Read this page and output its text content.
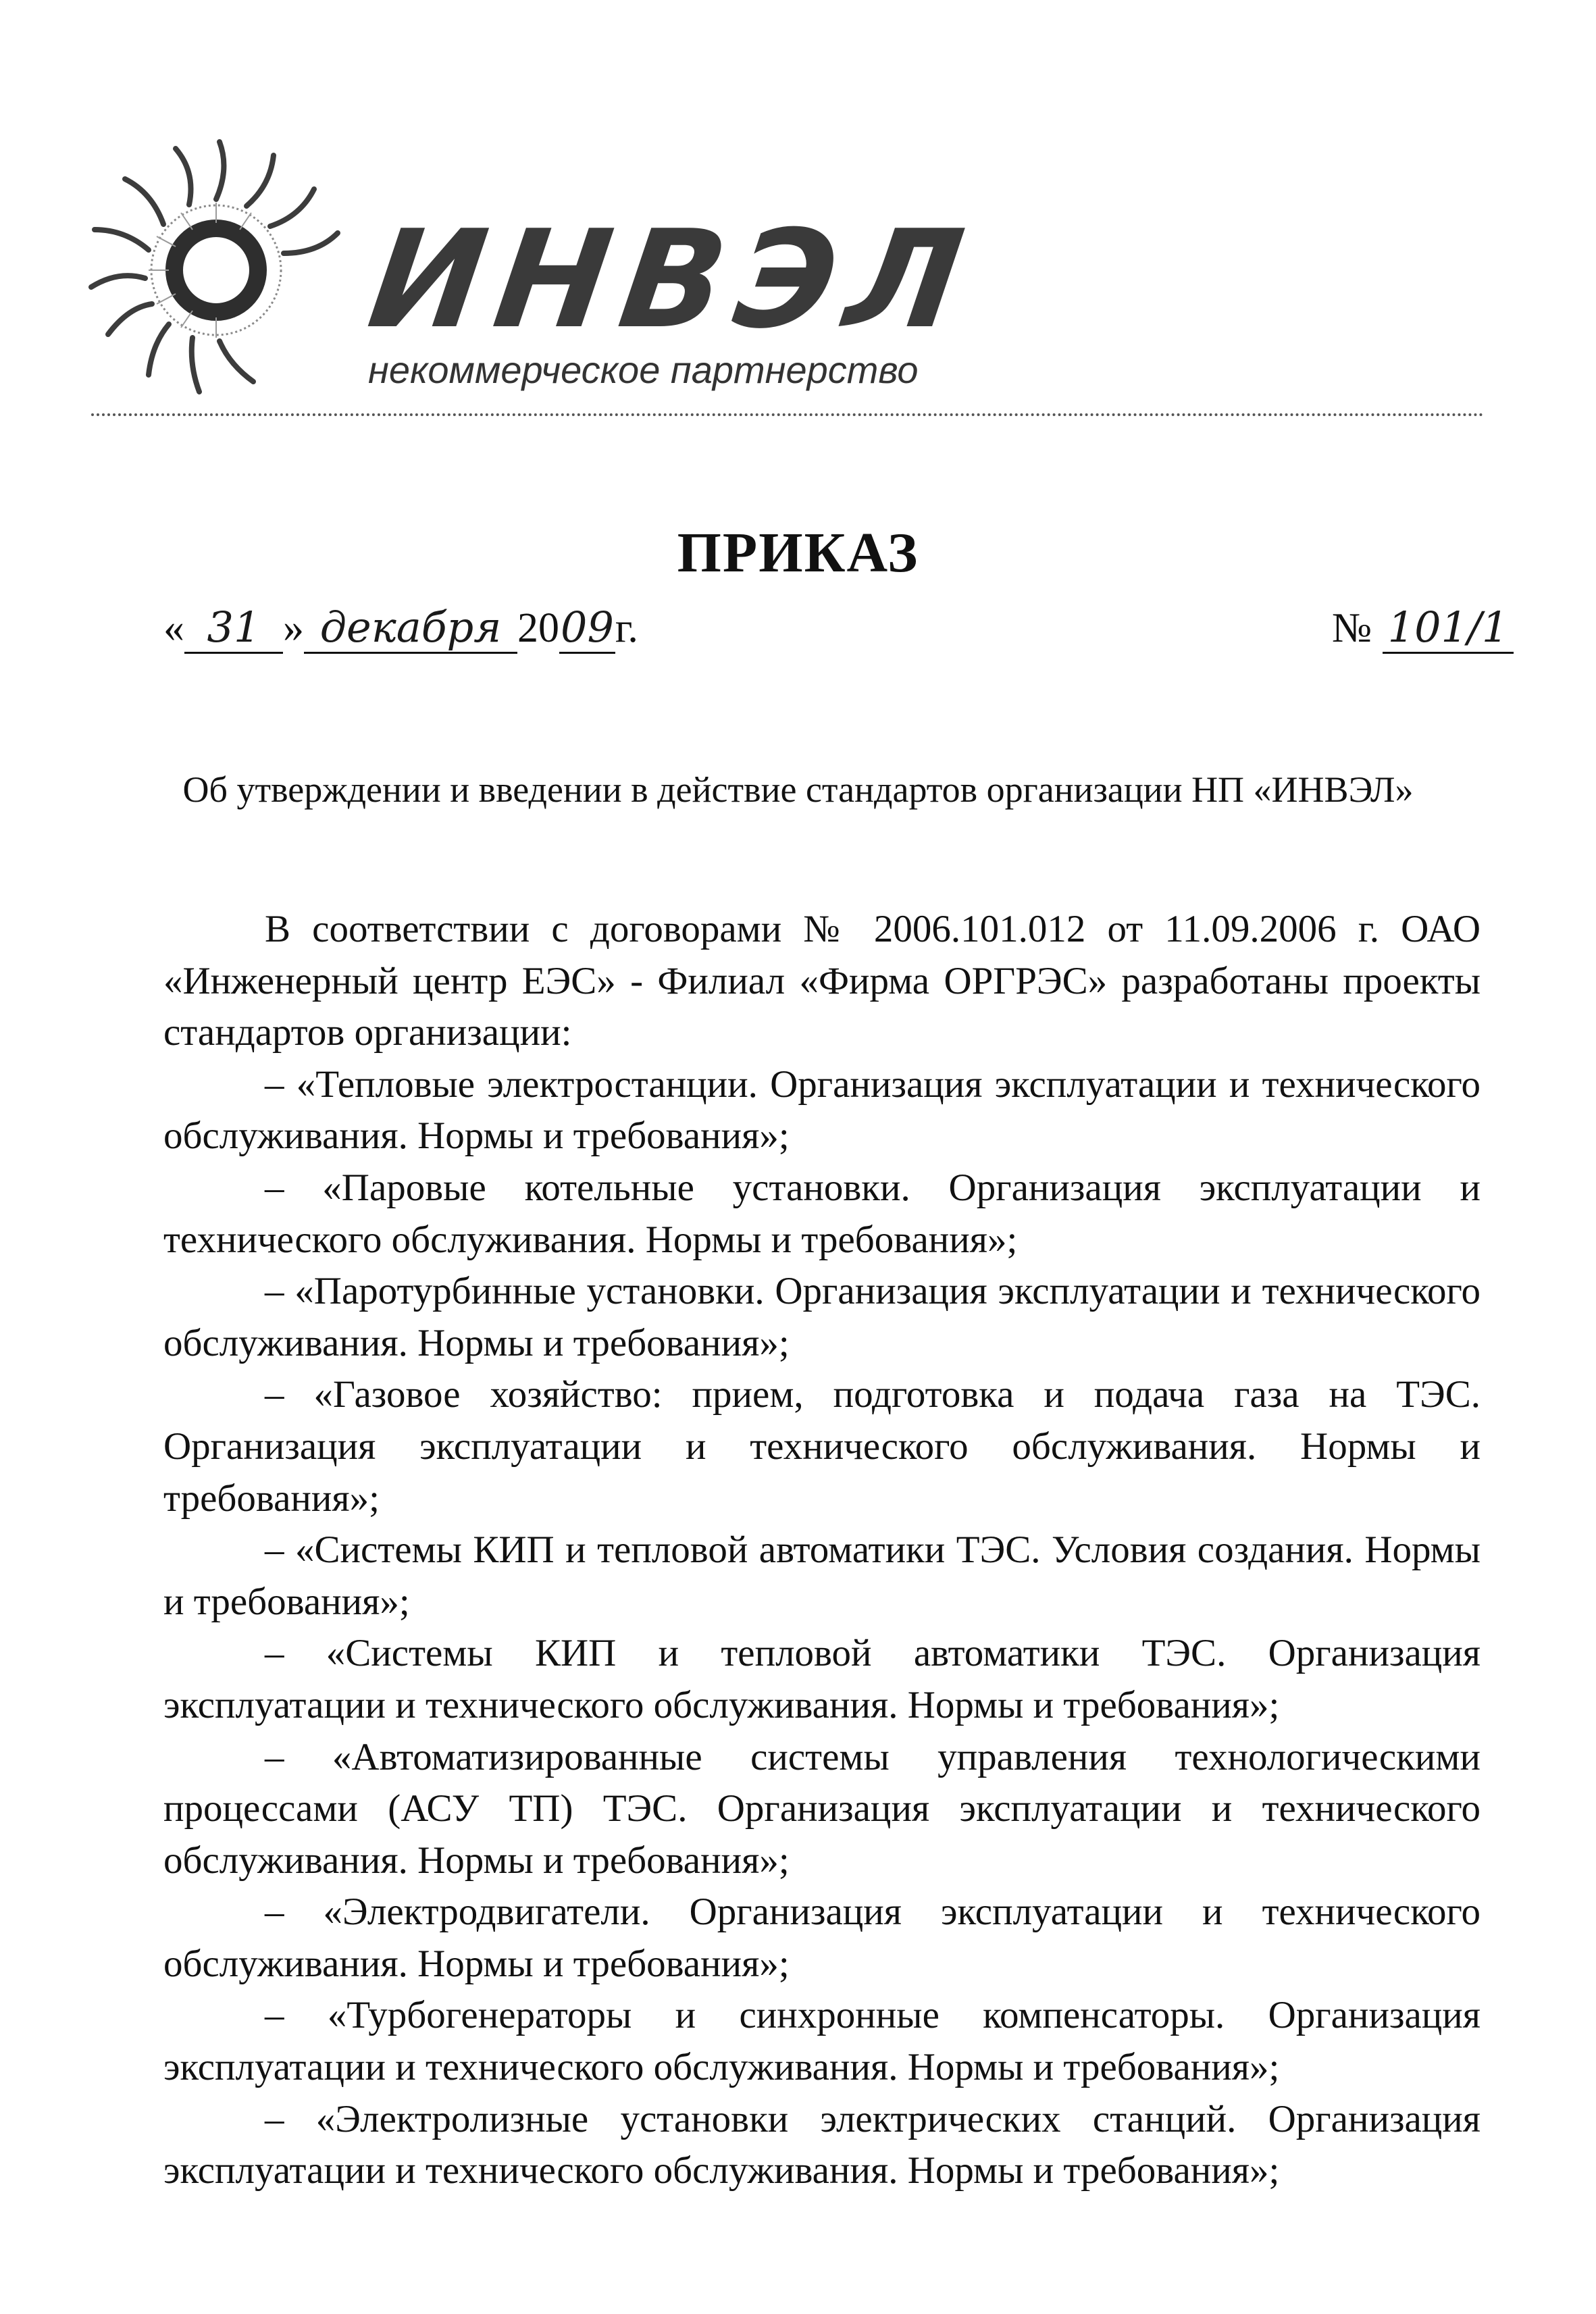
ИНВЭЛ
некоммерческое партнерство
ПРИКАЗ
« 31 » декабря 2009г.	№ 101/1
Об утверждении и введении в действие стандартов организации НП «ИНВЭЛ»

В соответствии с договорами № 2006.101.012 от 11.09.2006 г. ОАО «Инженерный центр ЕЭС» - Филиал «Фирма ОРГРЭС» разработаны проекты стандартов организации:

– «Тепловые электростанции. Организация эксплуатации и технического обслуживания. Нормы и требования»;

– «Паровые котельные установки. Организация эксплуатации и технического обслуживания. Нормы и требования»;

– «Паротурбинные установки. Организация эксплуатации и технического обслуживания. Нормы и требования»;

– «Газовое хозяйство: прием, подготовка и подача газа на ТЭС. Организация эксплуатации и технического обслуживания. Нормы и требования»;

– «Системы КИП и тепловой автоматики ТЭС. Условия создания. Нормы и требования»;

– «Системы КИП и тепловой автоматики ТЭС. Организация эксплуатации и технического обслуживания. Нормы и требования»;

– «Автоматизированные системы управления технологическими процессами (АСУ ТП) ТЭС. Организация эксплуатации и технического обслуживания. Нормы и требования»;

– «Электродвигатели. Организация эксплуатации и технического обслуживания. Нормы и требования»;

– «Турбогенераторы и синхронные компенсаторы. Организация эксплуатации и технического обслуживания. Нормы и требования»;

– «Электролизные установки электрических станций. Организация эксплуатации и технического обслуживания. Нормы и требования»;
